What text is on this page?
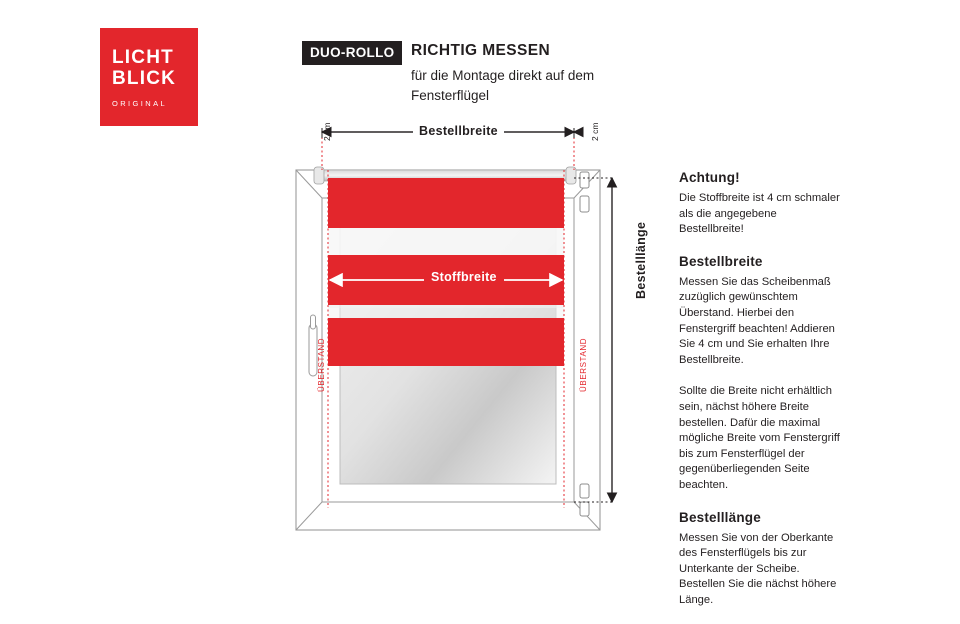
LICHT
BLICK
ORIGINAL
DUO-ROLLO	RICHTIG MESSEN
für die Montage direkt auf dem Fensterflügel
Bestellbreite
Bestelllänge
2 cm	2 cm
Stoffbreite
ÜBERSTAND	ÜBERSTAND
Achtung!

Die Stoffbreite ist 4 cm schmaler als die angegebene Bestellbreite!

Bestellbreite

Messen Sie das Scheibenmaß zuzüglich gewünschtem Überstand. Hierbei den Fenstergriff beachten! Addieren Sie 4 cm und Sie erhalten Ihre Bestellbreite.

Sollte die Breite nicht erhältlich sein, nächst höhere Breite bestellen. Dafür die maximal mögliche Breite vom Fenstergriff bis zum Fensterflügel der gegenüberliegenden Seite beachten.

Bestelllänge

Messen Sie von der Oberkante des Fensterflügels bis zur Unterkante der Scheibe. Bestellen Sie die nächst höhere Länge.
